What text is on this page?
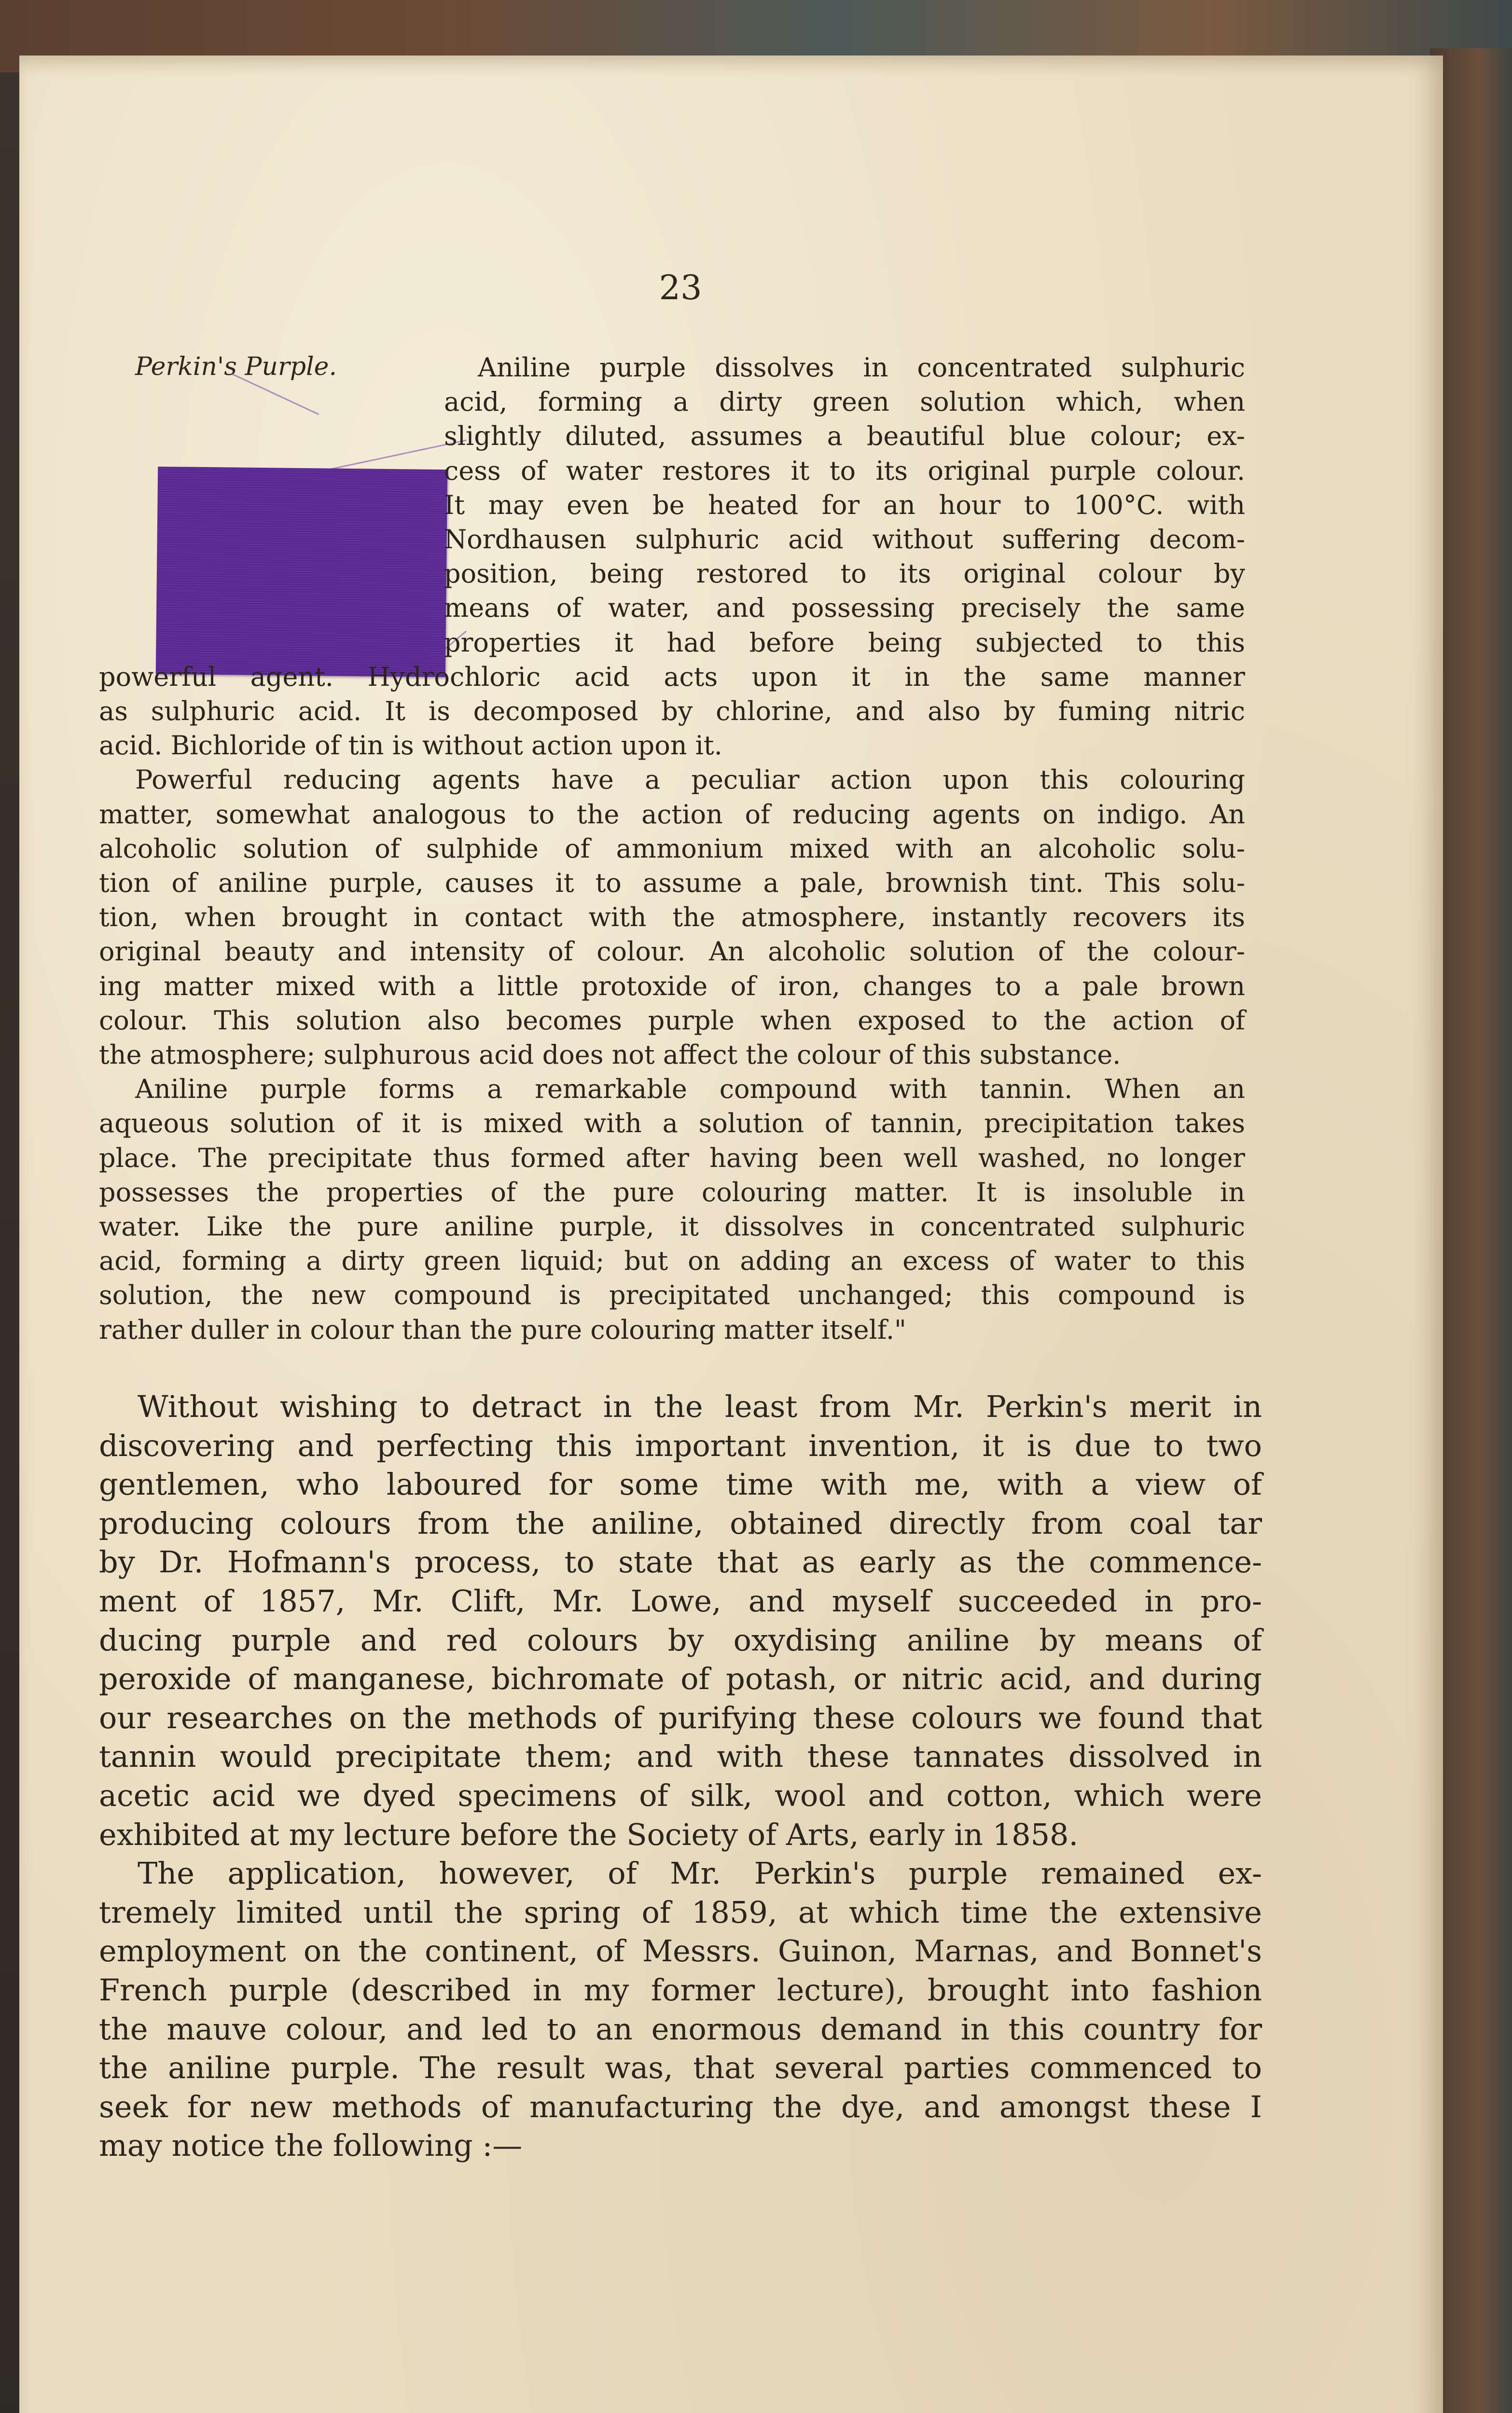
23
Perkin's Purple.	Aniline purple dissolves in concentrated sulphuric

acid, forming a dirty green solution which, when

slightly diluted, assumes a beautiful blue colour; ex-

cess of water restores it to its original purple colour.

It may even be heated for an hour to 100°C. with

Nordhausen sulphuric acid without suffering decom-

position, being restored to its original colour by

means of water, and possessing precisely the same

properties it had before being subjected to this

powerful agent. Hydrochloric acid acts upon it in the same manner

as sulphuric acid. It is decomposed by chlorine, and also by fuming nitric

acid. Bichloride of tin is without action upon it.

Powerful reducing agents have a peculiar action upon this colouring

matter, somewhat analogous to the action of reducing agents on indigo. An

alcoholic solution of sulphide of ammonium mixed with an alcoholic solu-

tion of aniline purple, causes it to assume a pale, brownish tint. This solu-

tion, when brought in contact with the atmosphere, instantly recovers its

original beauty and intensity of colour. An alcoholic solution of the colour-

ing matter mixed with a little protoxide of iron, changes to a pale brown

colour. This solution also becomes purple when exposed to the action of

the atmosphere; sulphurous acid does not affect the colour of this substance.

Aniline purple forms a remarkable compound with tannin. When an

aqueous solution of it is mixed with a solution of tannin, precipitation takes

place. The precipitate thus formed after having been well washed, no longer

possesses the properties of the pure colouring matter. It is insoluble in

water. Like the pure aniline purple, it dissolves in concentrated sulphuric

acid, forming a dirty green liquid; but on adding an excess of water to this

solution, the new compound is precipitated unchanged; this compound is

rather duller in colour than the pure colouring matter itself."

Without wishing to detract in the least from Mr. Perkin's merit in

discovering and perfecting this important invention, it is due to two

gentlemen, who laboured for some time with me, with a view of

producing colours from the aniline, obtained directly from coal tar

by Dr. Hofmann's process, to state that as early as the commence-

ment of 1857, Mr. Clift, Mr. Lowe, and myself succeeded in pro-

ducing purple and red colours by oxydising aniline by means of

peroxide of manganese, bichromate of potash, or nitric acid, and during

our researches on the methods of purifying these colours we found that

tannin would precipitate them; and with these tannates dissolved in

acetic acid we dyed specimens of silk, wool and cotton, which were

exhibited at my lecture before the Society of Arts, early in 1858.

The application, however, of Mr. Perkin's purple remained ex-

tremely limited until the spring of 1859, at which time the extensive

employment on the continent, of Messrs. Guinon, Marnas, and Bonnet's

French purple (described in my former lecture), brought into fashion

the mauve colour, and led to an enormous demand in this country for

the aniline purple. The result was, that several parties commenced to

seek for new methods of manufacturing the dye, and amongst these I

may notice the following :—
